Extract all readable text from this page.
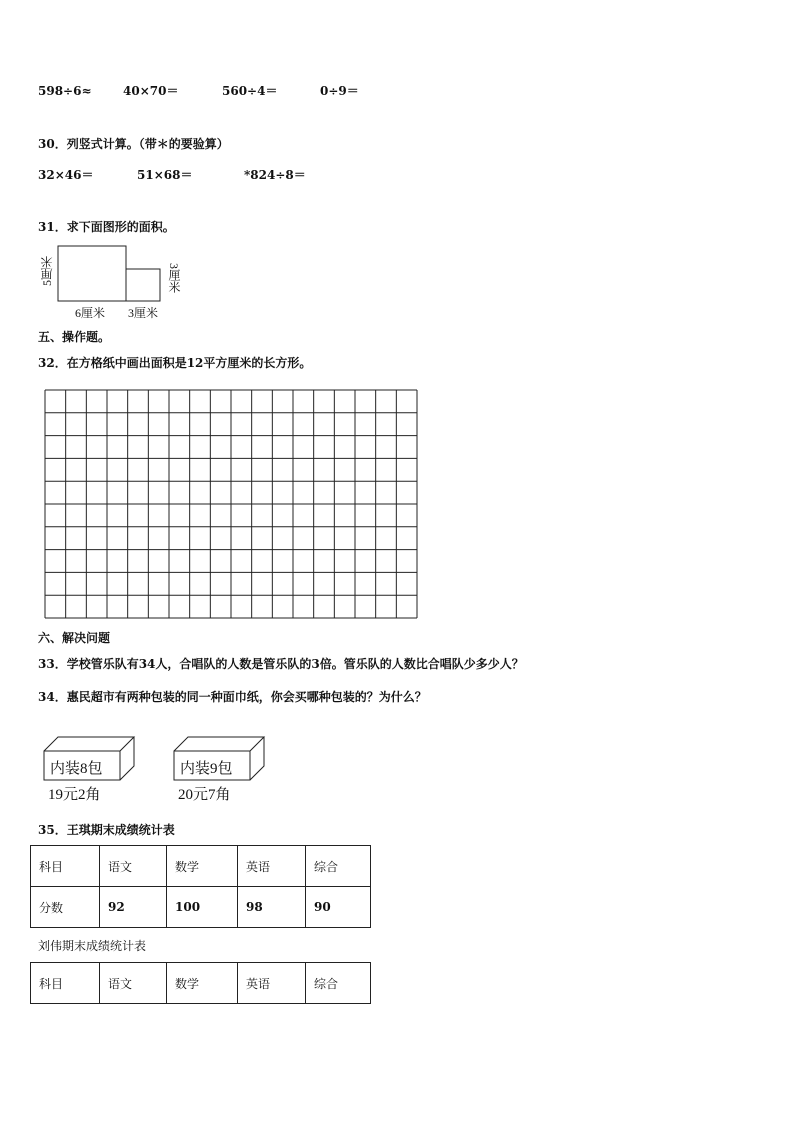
598÷6≈	40×70＝	560÷4＝	0÷9＝
30．列竖式计算。（带＊的要验算）
32×46＝	51×68＝	*824÷8＝
31．求下面图形的面积。
5厘米
6厘米 3厘米
3厘米
五、操作题。
32．在方格纸中画出面积是12平方厘米的长方形。
六、解决问题
33．学校管乐队有34人，合唱队的人数是管乐队的3倍。管乐队的人数比合唱队少多少人？
34．惠民超市有两种包装的同一种面巾纸，你会买哪种包装的？为什么？
内装8包
19元2角
内装9包
20元7角
35．王琪期末成绩统计表
科目	语文	数学	英语	综合
分数	92	100	98	90
刘伟期末成绩统计表
科目	语文	数学	英语	综合
